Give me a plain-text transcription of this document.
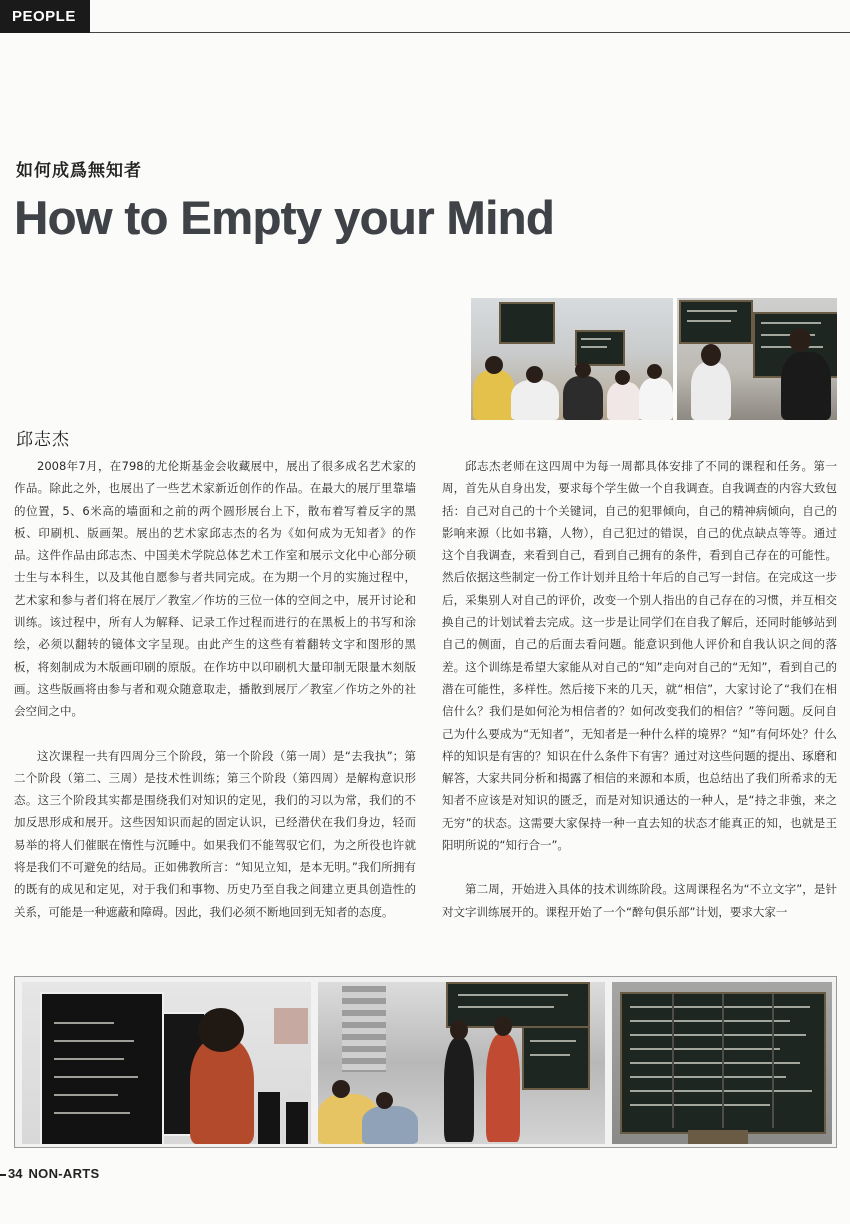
PEOPLE
如何成爲無知者
How to Empty your Mind
邱志杰

2008年7月，在798的尤伦斯基金会收藏展中，展出了很多成名艺术家的作品。除此之外，也展出了一些艺术家新近创作的作品。在最大的展厅里靠墙的位置，5、6米高的墙面和之前的两个圆形展台上下，散布着写着反字的黑板、印刷机、版画架。展出的艺术家邱志杰的名为《如何成为无知者》的作品。这件作品由邱志杰、中国美术学院总体艺术工作室和展示文化中心部分硕士生与本科生，以及其他自愿参与者共同完成。在为期一个月的实施过程中，艺术家和参与者们将在展厅／教室／作坊的三位一体的空间之中，展开讨论和训练。该过程中，所有人为解释、记录工作过程而进行的在黑板上的书写和涂绘，必须以翻转的镜体文字呈现。由此产生的这些有着翻转文字和图形的黑板，将刻制成为木版画印刷的原版。在作坊中以印刷机大量印制无限量木刻版画。这些版画将由参与者和观众随意取走，播散到展厅／教室／作坊之外的社会空间之中。

这次课程一共有四周分三个阶段，第一个阶段（第一周）是“去我执”；第二个阶段（第二、三周）是技术性训练；第三个阶段（第四周）是解构意识形态。这三个阶段其实都是围绕我们对知识的定见，我们的习以为常，我们的不加反思形成和展开。这些因知识而起的固定认识，已经潜伏在我们身边，轻而易举的将人们催眠在惰性与沉睡中。如果我们不能驾驭它们，为之所役也许就将是我们不可避免的结局。正如佛教所言：“知见立知，是本无明。”我们所拥有的既有的成见和定见，对于我们和事物、历史乃至自我之间建立更具创造性的关系，可能是一种遮蔽和障碍。因此，我们必须不断地回到无知者的态度。

邱志杰老师在这四周中为每一周都具体安排了不同的课程和任务。第一周，首先从自身出发，要求每个学生做一个自我调查。自我调查的内容大致包括：自己对自己的十个关键词，自己的犯罪倾向，自己的精神病倾向，自己的影响来源（比如书籍，人物），自己犯过的错误，自己的优点缺点等等。通过这个自我调查，来看到自己，看到自己拥有的条件，看到自己存在的可能性。然后依据这些制定一份工作计划并且给十年后的自己写一封信。在完成这一步后，采集别人对自己的评价，改变一个别人指出的自己存在的习惯，并互相交换自己的计划试着去完成。这一步是让同学们在自我了解后，还同时能够站到自己的侧面，自己的后面去看问题。能意识到他人评价和自我认识之间的落差。这个训练是希望大家能从对自己的“知”走向对自己的“无知”，看到自己的潜在可能性，多样性。然后接下来的几天，就“相信”，大家讨论了“我们在相信什么？我们是如何沦为相信者的？如何改变我们的相信？”等问题。反问自己为什么要成为“无知者”，无知者是一种什么样的境界？“知”有何坏处？什么样的知识是有害的？知识在什么条件下有害？通过对这些问题的提出、琢磨和解答，大家共同分析和揭露了相信的来源和本质，也总结出了我们所希求的无知者不应该是对知识的匮乏，而是对知识通达的一种人，是“持之非強，来之无穷”的状态。这需要大家保持一种一直去知的状态才能真正的知，也就是王阳明所说的“知行合一”。

第二周，开始进入具体的技术训练阶段。这周课程名为“不立文字”，是针对文字训练展开的。课程开始了一个“醉句俱乐部”计划，要求大家一

34 NON-ARTS
